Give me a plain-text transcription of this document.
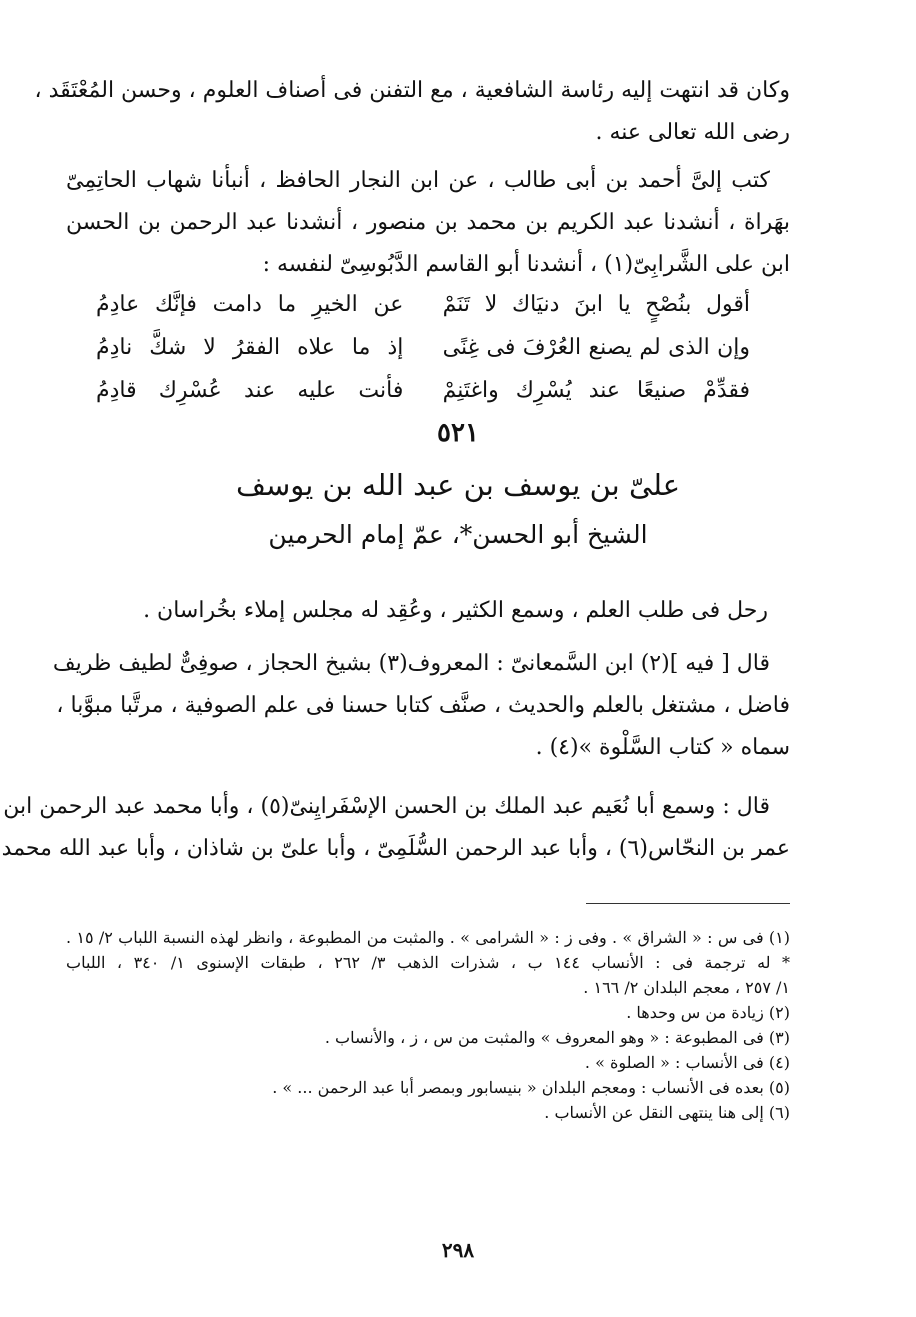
وكان قد انتهت إليه رئاسة الشافعية ، مع التفنن فى أصناف العلوم ، وحسن المُعْتَقَد ،
رضى الله تعالى عنه .
كتب إلىَّ أحمد بن أبى طالب ، عن ابن النجار الحافظ ، أنبأنا شهاب الحاتِمِىّ
بهَراة ، أنشدنا عبد الكريم بن محمد بن منصور ، أنشدنا عبد الرحمن بن الحسن
ابن على الشَّرابِىّ(١) ، أنشدنا أبو القاسم الدَّبُوسِىّ لنفسه :
أقول بنُصْحٍ يا ابنَ دنيَاك لا تَنَمْ
عن الخيرِ ما دامت فإنَّك عادِمُ
وإن الذى لم يصنع العُرْفَ فى غِنًى
إذ ما علاه الفقرُ لا شكَّ نادِمُ
فقدِّمْ صنيعًا عند يُسْرِك واغتَنِمْ
فأنت عليه عند عُسْرِك قادِمُ
٥٢١
علىّ بن يوسف بن عبد الله بن يوسف
الشيخ أبو الحسن*، عمّ إمام الحرمين
رحل فى طلب العلم ، وسمع الكثير ، وعُقِد له مجلس إملاء بخُراسان .
قال [ فيه ](٢) ابن السَّمعانىّ : المعروف(٣) بشيخ الحجاز ، صوفِىٌّ لطيف ظريف
فاضل ، مشتغل بالعلم والحديث ، صنَّف كتابا حسنا فى علم الصوفية ، مرتَّبا مبوَّبا ،
سماه « كتاب السَّلْوة »(٤) .
قال : وسمع أبا نُعَيم عبد الملك بن الحسن الإسْفَرايِنىّ(٥) ، وأبا محمد عبد الرحمن ابن
عمر بن النحّاس(٦) ، وأبا عبد الرحمن السُّلَمِىّ ، وأبا علىّ بن شاذان ، وأبا عبد الله محمد
(١) فى س : « الشراق » . وفى ز : « الشرامى » . والمثبت من المطبوعة ، وانظر لهذه النسبة اللباب ٢/ ١٥ .
* له ترجمة فى : الأنساب ١٤٤ ب ، شذرات الذهب ٣/ ٢٦٢ ، طبقات الإسنوى ١/ ٣٤٠ ، اللباب
١/ ٢٥٧ ، معجم البلدان ٢/ ١٦٦ .
(٢) زيادة من س وحدها .
(٣) فى المطبوعة : « وهو المعروف » والمثبت من س ، ز ، والأنساب .
(٤) فى الأنساب : « الصلوة » .
(٥) بعده فى الأنساب : ومعجم البلدان « بنيسابور وبمصر أبا عبد الرحمن ... » .
(٦) إلى هنا ينتهى النقل عن الأنساب .
٢٩٨
